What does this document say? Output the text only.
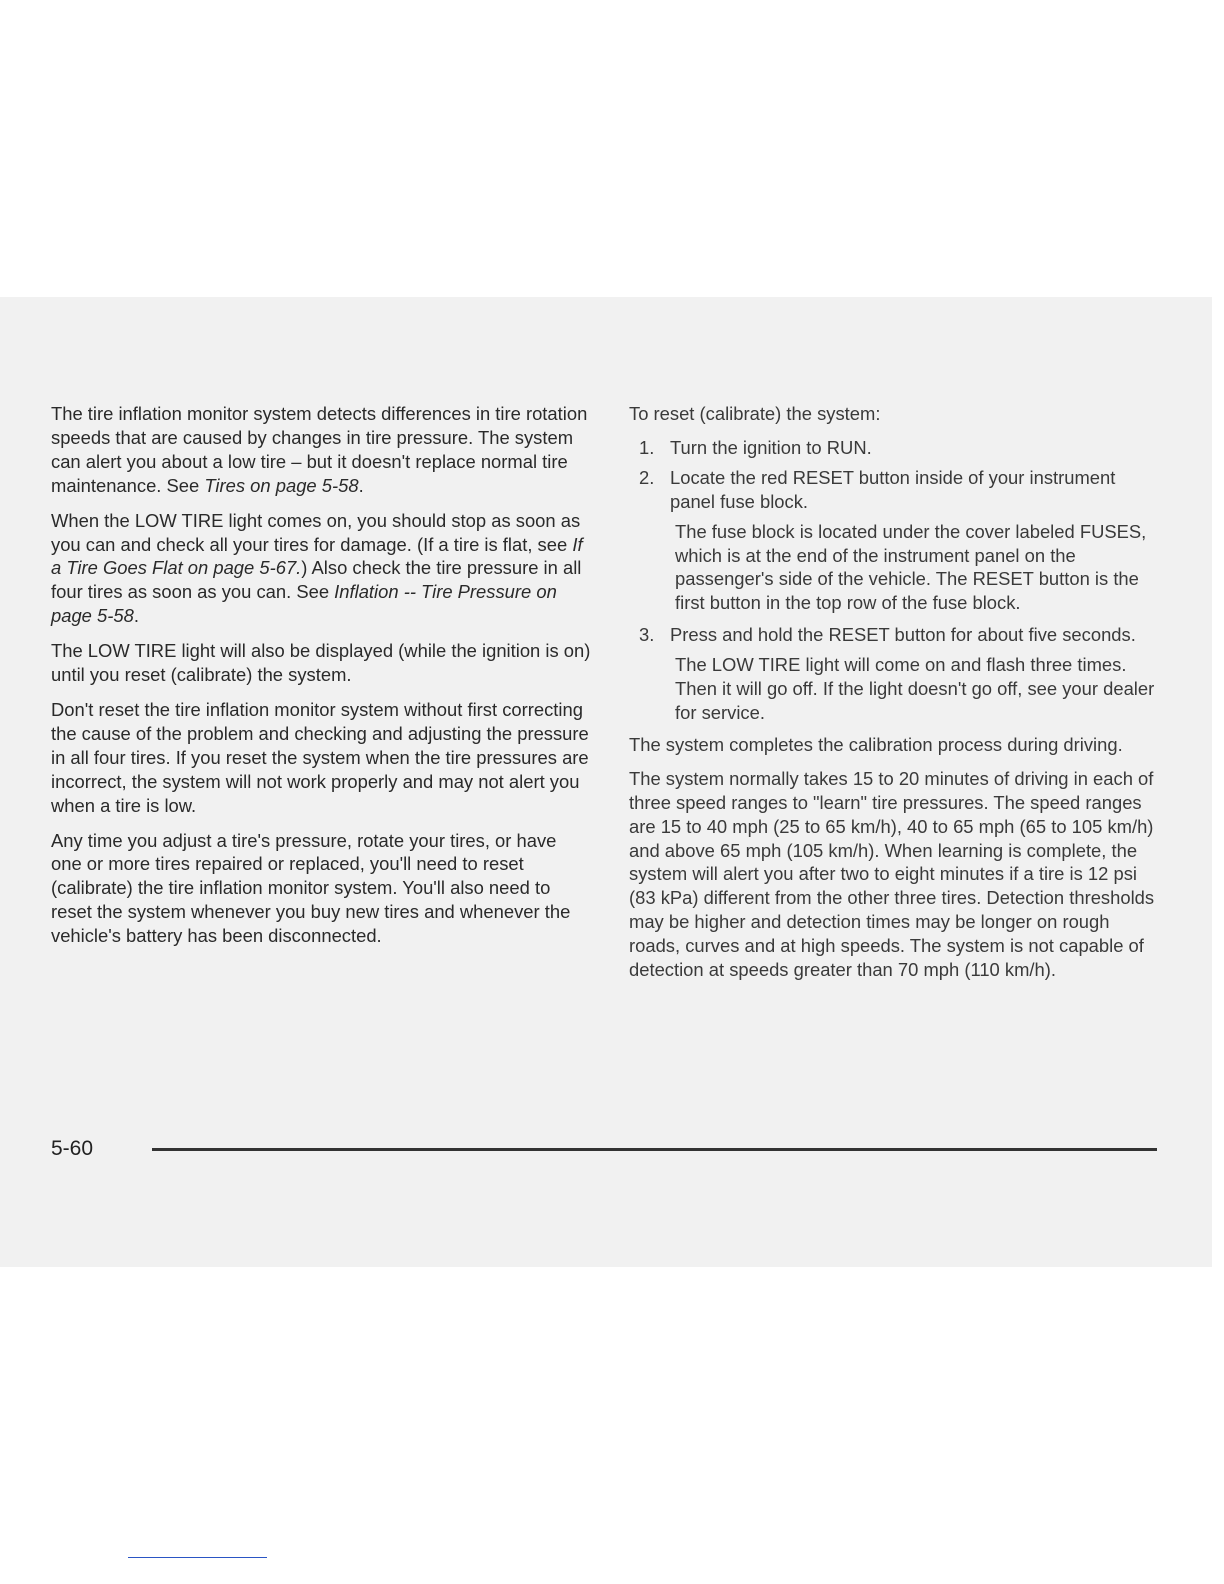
The tire inflation monitor system detects differences in tire rotation speeds that are caused by changes in tire pressure. The system can alert you about a low tire – but it doesn't replace normal tire maintenance. See Tires on page 5-58.

When the LOW TIRE light comes on, you should stop as soon as you can and check all your tires for damage. (If a tire is flat, see If a Tire Goes Flat on page 5-67.) Also check the tire pressure in all four tires as soon as you can. See Inflation -- Tire Pressure on page 5-58.

The LOW TIRE light will also be displayed (while the ignition is on) until you reset (calibrate) the system.

Don't reset the tire inflation monitor system without first correcting the cause of the problem and checking and adjusting the pressure in all four tires. If you reset the system when the tire pressures are incorrect, the system will not work properly and may not alert you when a tire is low.

Any time you adjust a tire's pressure, rotate your tires, or have one or more tires repaired or replaced, you'll need to reset (calibrate) the tire inflation monitor system. You'll also need to reset the system whenever you buy new tires and whenever the vehicle's battery has been disconnected.

To reset (calibrate) the system:

1. Turn the ignition to RUN.

2. Locate the red RESET button inside of your instrument panel fuse block.

The fuse block is located under the cover labeled FUSES, which is at the end of the instrument panel on the passenger's side of the vehicle. The RESET button is the first button in the top row of the fuse block.

3. Press and hold the RESET button for about five seconds.

The LOW TIRE light will come on and flash three times. Then it will go off. If the light doesn't go off, see your dealer for service.

The system completes the calibration process during driving.

The system normally takes 15 to 20 minutes of driving in each of three speed ranges to "learn" tire pressures. The speed ranges are 15 to 40 mph (25 to 65 km/h), 40 to 65 mph (65 to 105 km/h) and above 65 mph (105 km/h). When learning is complete, the system will alert you after two to eight minutes if a tire is 12 psi (83 kPa) different from the other three tires. Detection thresholds may be higher and detection times may be longer on rough roads, curves and at high speeds. The system is not capable of detection at speeds greater than 70 mph (110 km/h).

5-60
